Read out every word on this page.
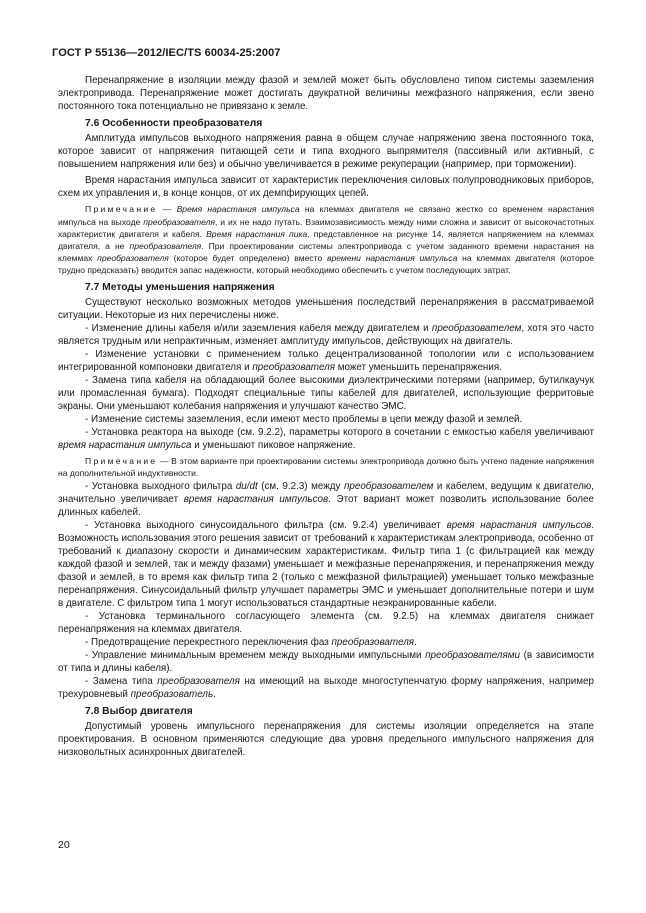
ГОСТ Р 55136—2012/IEC/TS 60034-25:2007

Перенапряжение в изоляции между фазой и землей может быть обусловлено типом системы заземления электропривода. Перенапряжение может достигать двукратной величины межфазного напряжения, если звено постоянного тока потенциально не привязано к земле.

7.6 Особенности преобразователя

Амплитуда импульсов выходного напряжения равна в общем случае напряжению звена постоянного тока, которое зависит от напряжения питающей сети и типа входного выпрямителя (пассивный или активный, с повышением напряжения или без) и обычно увеличивается в режиме рекуперации (например, при торможении).

Время нарастания импульса зависит от характеристик переключения силовых полупроводниковых приборов, схем их управления и, в конце концов, от их демпфирующих цепей.

Примечание — Время нарастания импульса на клеммах двигателя не связано жестко со временем нарастания импульса на выходе преобразователя, и их не надо путать. Взаимозависимость между ними сложна и зависит от высокочастотных характеристик двигателя и кабеля. Время нарастания пика, представленное на рисунке 14, является напряжением на клеммах двигателя, а не преобразователя. При проектировании системы электропривода с учетом заданного времени нарастания на клеммах преобразователя (которое будет определено) вместо времени нарастания импульса на клеммах двигателя (которое трудно предсказать) вводится запас надежности, который необходимо обеспечить с учетом последующих затрат.

7.7 Методы уменьшения напряжения

Существуют несколько возможных методов уменьшения последствий перенапряжения в рассматриваемой ситуации. Некоторые из них перечислены ниже.

- Изменение длины кабеля и/или заземления кабеля между двигателем и преобразователем, хотя это часто является трудным или непрактичным, изменяет амплитуду импульсов, действующих на двигатель.

- Изменение установки с применением только децентрализованной топологии или с использованием интегрированной компоновки двигателя и преобразователя может уменьшить перенапряжения.

- Замена типа кабеля на обладающий более высокими диэлектрическими потерями (например, бутилкаучук или промасленная бумага). Подходят специальные типы кабелей для двигателей, использующие ферритовые экраны. Они уменьшают колебания напряжения и улучшают качество ЭМС.

- Изменение системы заземления, если имеют место проблемы в цепи между фазой и землей.

- Установка реактора на выходе (см. 9.2.2), параметры которого в сочетании с емкостью кабеля увеличивают время нарастания импульса и уменьшают пиковое напряжение.

Примечание — В этом варианте при проектировании системы электропривода должно быть учтено падение напряжения на дополнительной индуктивности.

- Установка выходного фильтра du/dt (см. 9.2.3) между преобразователем и кабелем, ведущим к двигателю, значительно увеличивает время нарастания импульсов. Этот вариант может позволить использование более длинных кабелей.

- Установка выходного синусоидального фильтра (см. 9.2.4) увеличивает время нарастания импульсов. Возможность использования этого решения зависит от требований к характеристикам электропривода, особенно от требований к диапазону скорости и динамическим характеристикам. Фильтр типа 1 (с фильтрацией как между каждой фазой и землей, так и между фазами) уменьшает и межфазные перенапряжения, и перенапряжения между фазой и землей, в то время как фильтр типа 2 (только с межфазной фильтрацией) уменьшает только межфазные перенапряжения. Синусоидальный фильтр улучшает параметры ЭМС и уменьшает дополнительные потери и шум в двигателе. С фильтром типа 1 могут использоваться стандартные неэкранированные кабели.

- Установка терминального согласующего элемента (см. 9.2.5) на клеммах двигателя снижает перенапряжения на клеммах двигателя.

- Предотвращение перекрестного переключения фаз преобразователя.

- Управление минимальным временем между выходными импульсными преобразователями (в зависимости от типа и длины кабеля).

- Замена типа преобразователя на имеющий на выходе многоступенчатую форму напряжения, например трехуровневый преобразователь.

7.8 Выбор двигателя

Допустимый уровень импульсного перенапряжения для системы изоляции определяется на этапе проектирования. В основном применяются следующие два уровня предельного импульсного напряжения для низковольтных асинхронных двигателей.

20
